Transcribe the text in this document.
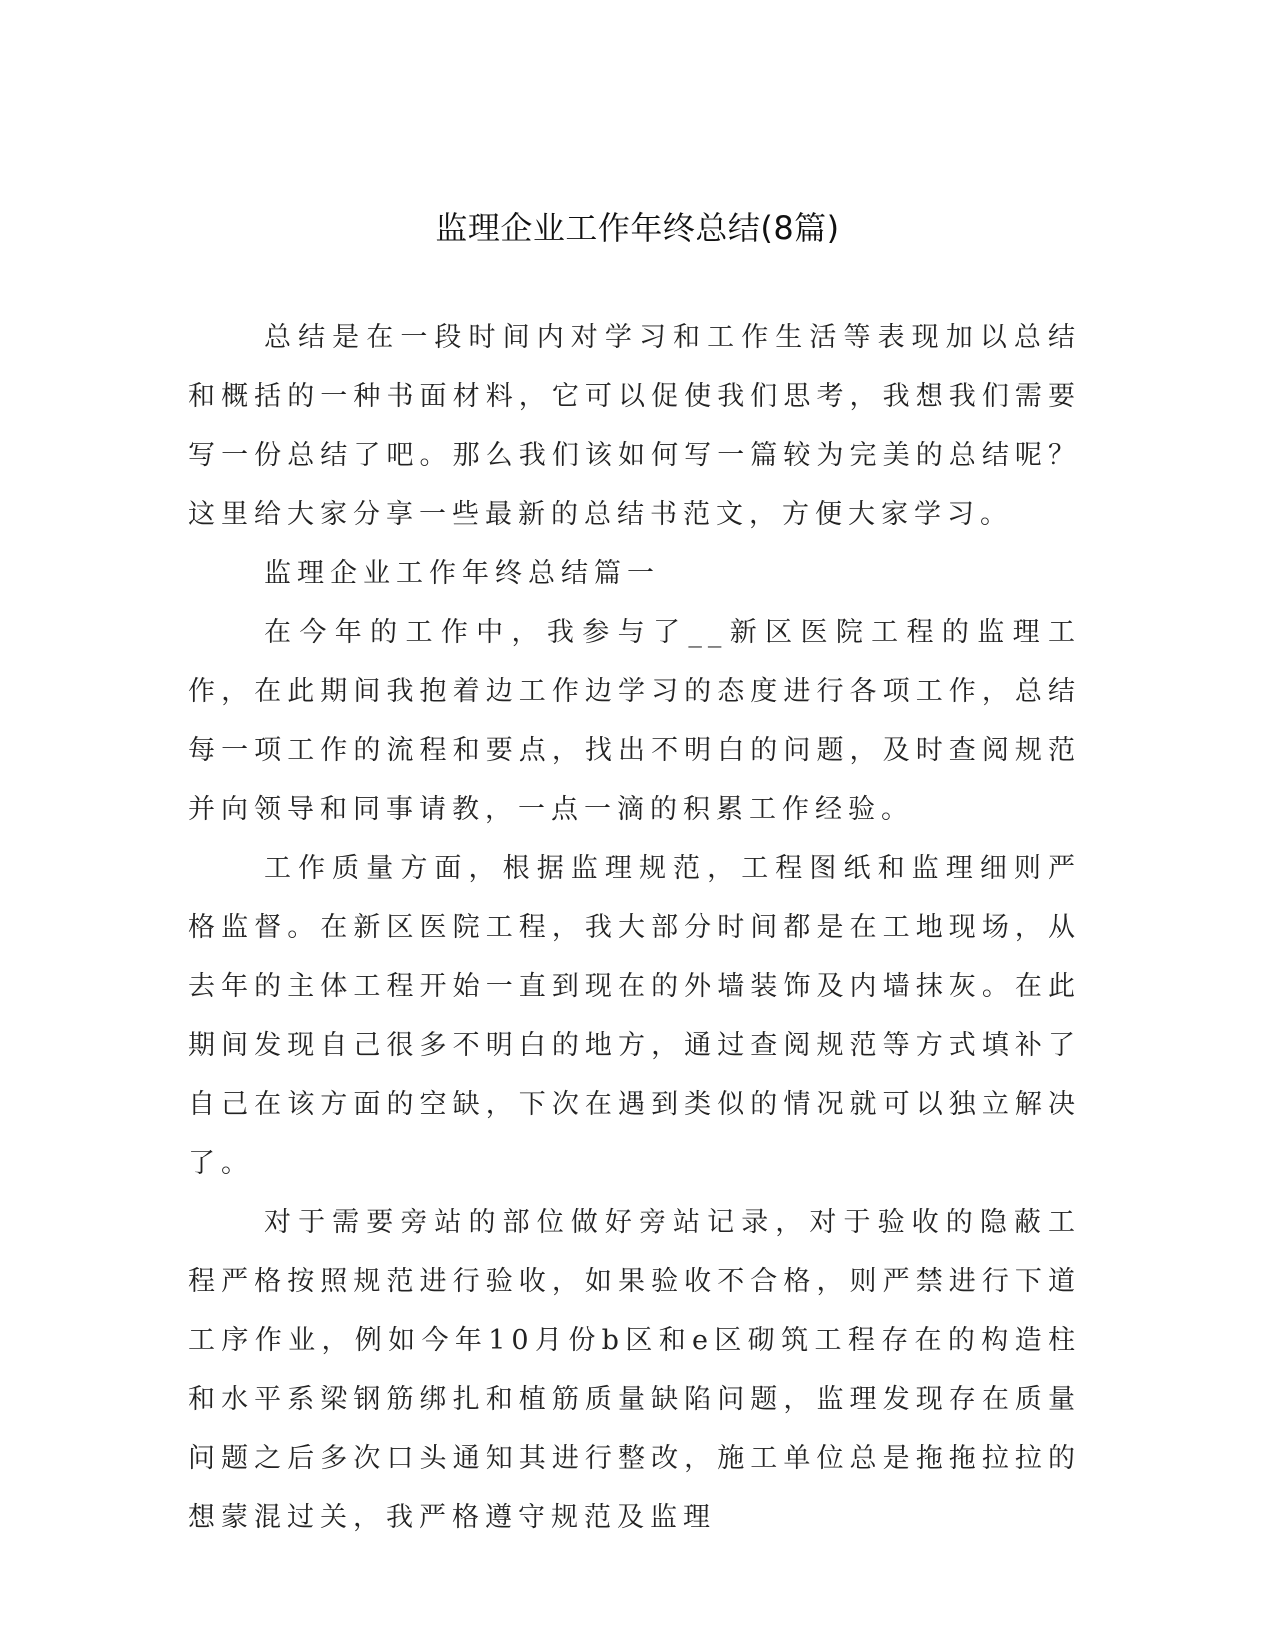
监理企业工作年终总结(8篇)

总结是在一段时间内对学习和工作生活等表现加以总结和概括的一种书面材料，它可以促使我们思考，我想我们需要写一份总结了吧。那么我们该如何写一篇较为完美的总结呢？这里给大家分享一些最新的总结书范文，方便大家学习。

监理企业工作年终总结篇一

在今年的工作中，我参与了__新区医院工程的监理工作，在此期间我抱着边工作边学习的态度进行各项工作，总结每一项工作的流程和要点，找出不明白的问题，及时查阅规范并向领导和同事请教，一点一滴的积累工作经验。

工作质量方面，根据监理规范，工程图纸和监理细则严格监督。在新区医院工程，我大部分时间都是在工地现场，从去年的主体工程开始一直到现在的外墙装饰及内墙抹灰。在此期间发现自己很多不明白的地方，通过查阅规范等方式填补了自己在该方面的空缺，下次在遇到类似的情况就可以独立解决了。

对于需要旁站的部位做好旁站记录，对于验收的隐蔽工程严格按照规范进行验收，如果验收不合格，则严禁进行下道工序作业，例如今年10月份b区和e区砌筑工程存在的构造柱和水平系梁钢筋绑扎和植筋质量缺陷问题，监理发现存在质量问题之后多次口头通知其进行整改，施工单位总是拖拖拉拉的想蒙混过关，我严格遵守规范及监理
